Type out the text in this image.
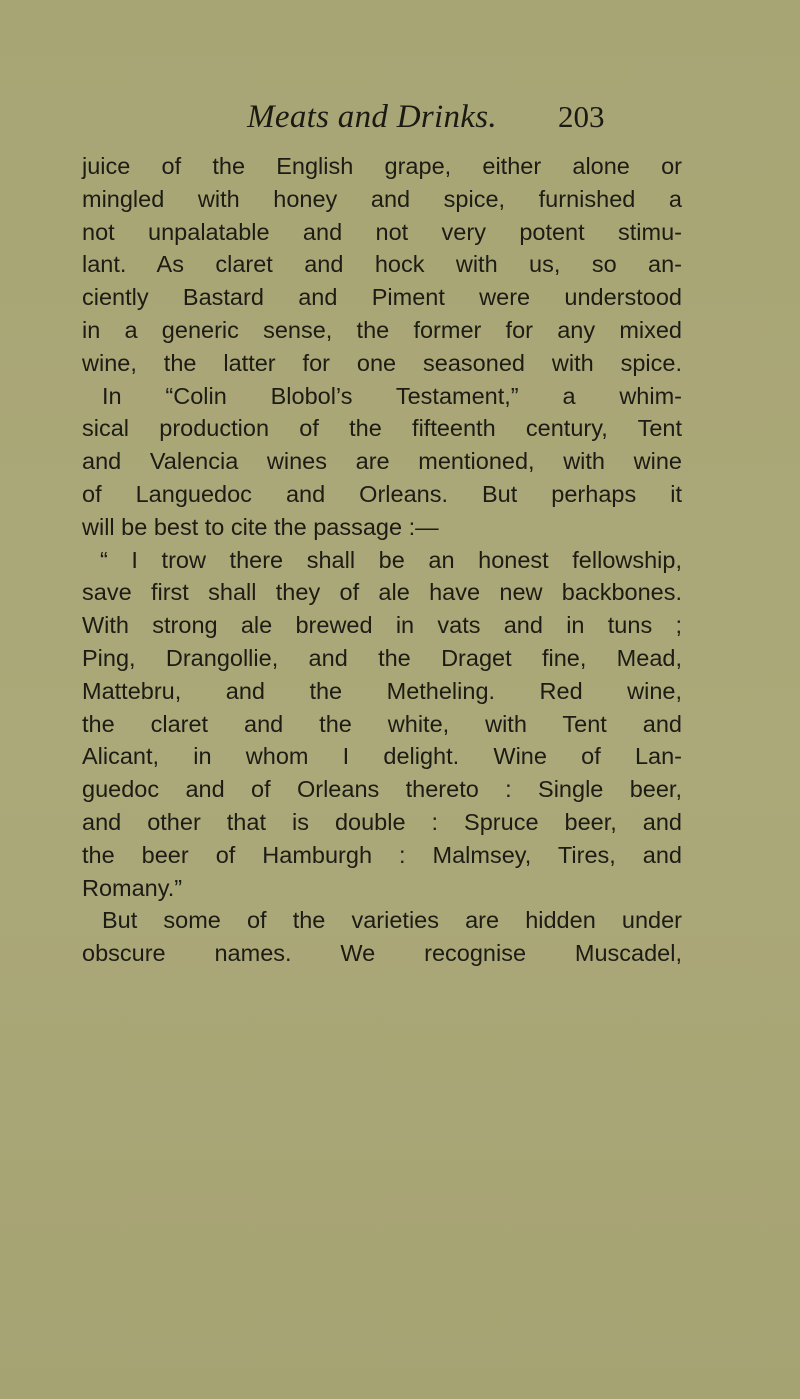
Meats and Drinks.	203
juice of the English grape, either alone or
mingled with honey and spice, furnished a
not unpalatable and not very potent stimu-
lant. As claret and hock with us, so an-
ciently Bastard and Piment were understood
in a generic sense, the former for any mixed
wine, the latter for one seasoned with spice.
In “Colin Blobol’s Testament,” a whim-
sical production of the fifteenth century, Tent
and Valencia wines are mentioned, with wine
of Languedoc and Orleans. But perhaps it
will be best to cite the passage :—
“ I trow there shall be an honest fellowship,
save first shall they of ale have new backbones.
With strong ale brewed in vats and in tuns ;
Ping, Drangollie, and the Draget fine, Mead,
Mattebru, and the Metheling. Red wine,
the claret and the white, with Tent and
Alicant, in whom I delight. Wine of Lan-
guedoc and of Orleans thereto : Single beer,
and other that is double : Spruce beer, and
the beer of Hamburgh : Malmsey, Tires, and
Romany.”
But some of the varieties are hidden under
obscure names. We recognise Muscadel,
